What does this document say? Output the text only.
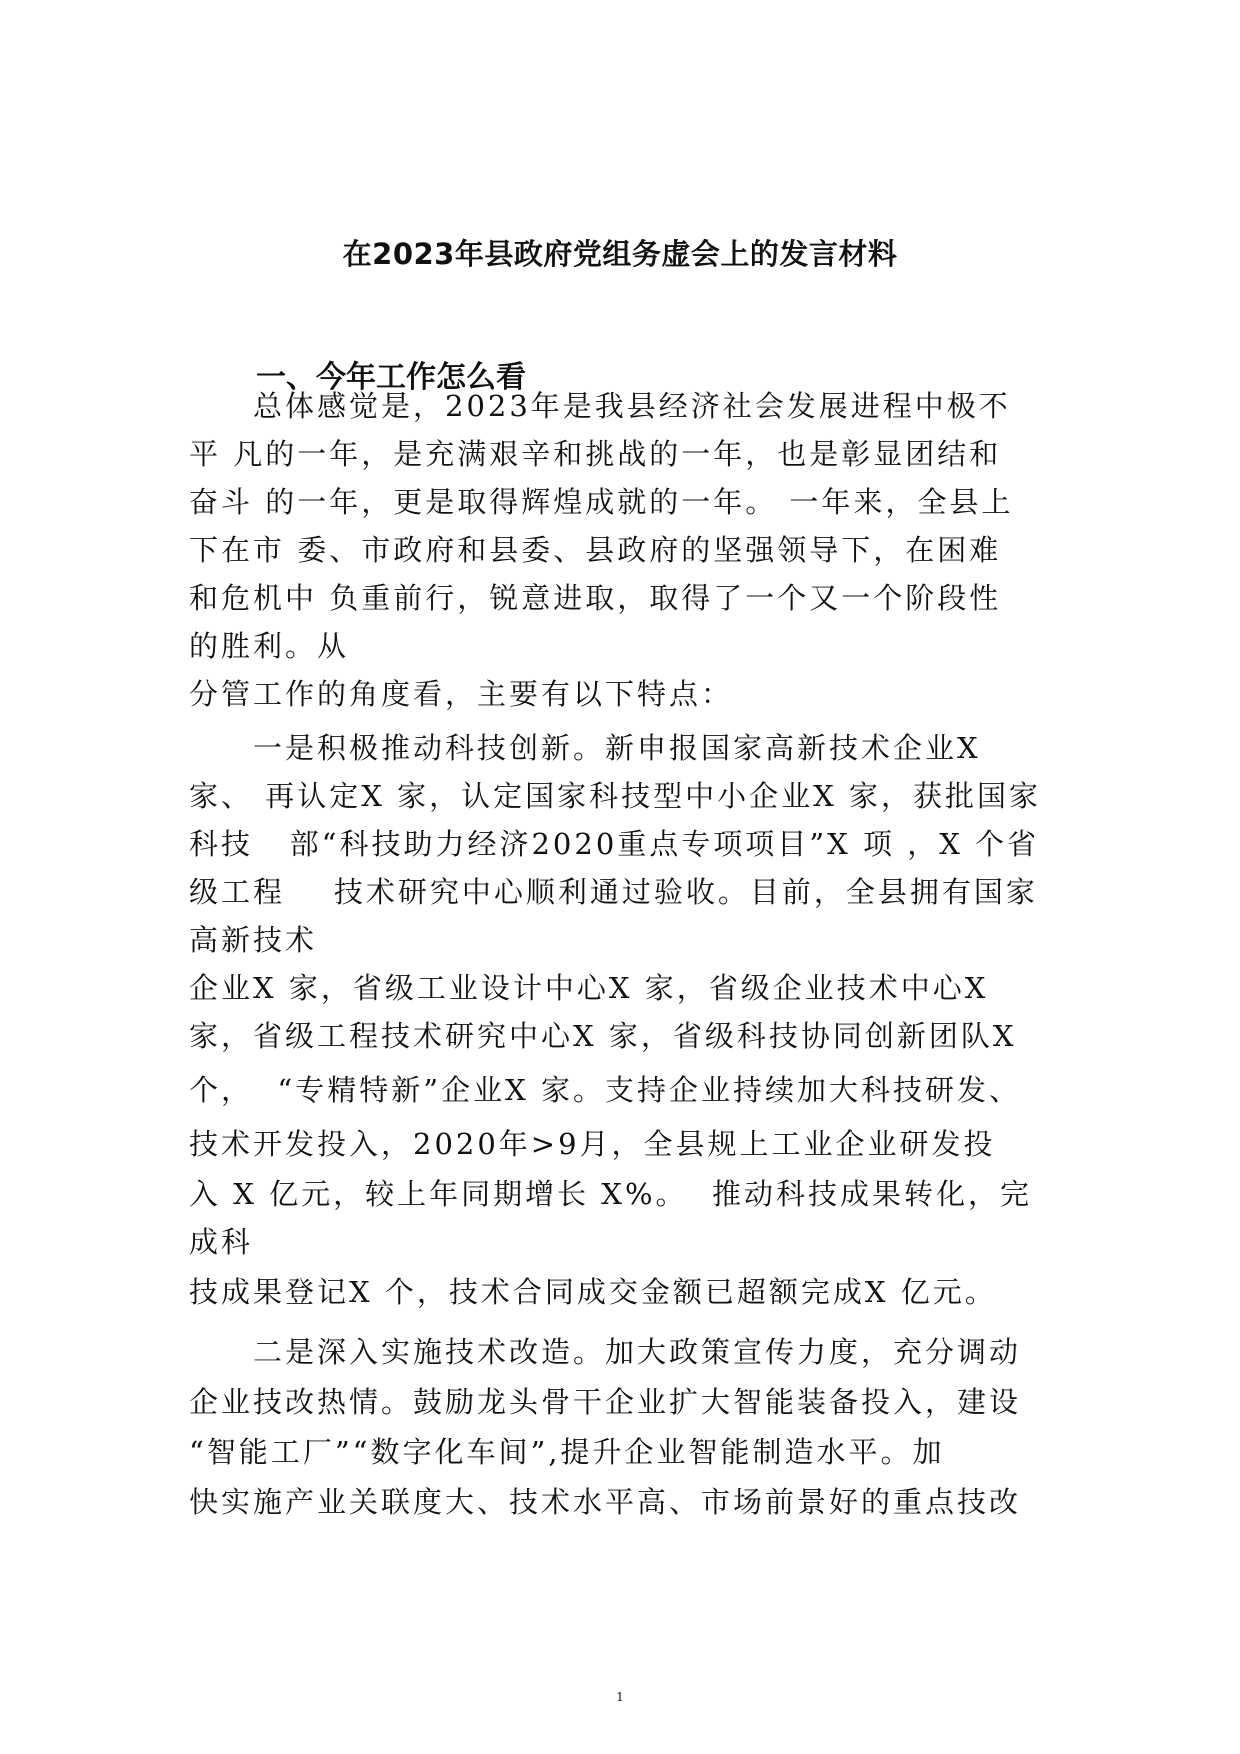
在2023年县政府党组务虚会上的发言材料
一、今年工作怎么看

　　总体感觉是，2023年是我县经济社会发展进程中极不

平 凡的一年，是充满艰辛和挑战的一年，也是彰显团结和

奋斗 的一年，更是取得辉煌成就的一年。 一年来，全县上

下在市 委、市政府和县委、县政府的坚强领导下，在困难

和危机中 负重前行，锐意进取，取得了一个又一个阶段性

的胜利。从

分管工作的角度看，主要有以下特点：

　　一是积极推动科技创新。新申报国家高新技术企业X

家、 再认定X 家，认定国家科技型中小企业X 家，获批国家

科技   部“科技助力经济2020重点专项项目”X 项 ，X 个省

级工程    技术研究中心顺利通过验收。目前，全县拥有国家

高新技术

企业X 家，省级工业设计中心X 家，省级企业技术中心X

家，省级工程技术研究中心X 家，省级科技协同创新团队X

个，  “专精特新”企业X 家。支持企业持续加大科技研发、

技术开发投入，2020年>9月，全县规上工业企业研发投

入 X 亿元，较上年同期增长 X%。  推动科技成果转化，完

成科

技成果登记X 个，技术合同成交金额已超额完成X 亿元。

　　二是深入实施技术改造。加大政策宣传力度，充分调动

企业技改热情。鼓励龙头骨干企业扩大智能装备投入，建设

“智能工厂”“数字化车间”,提升企业智能制造水平。加

快实施产业关联度大、技术水平高、市场前景好的重点技改

1
